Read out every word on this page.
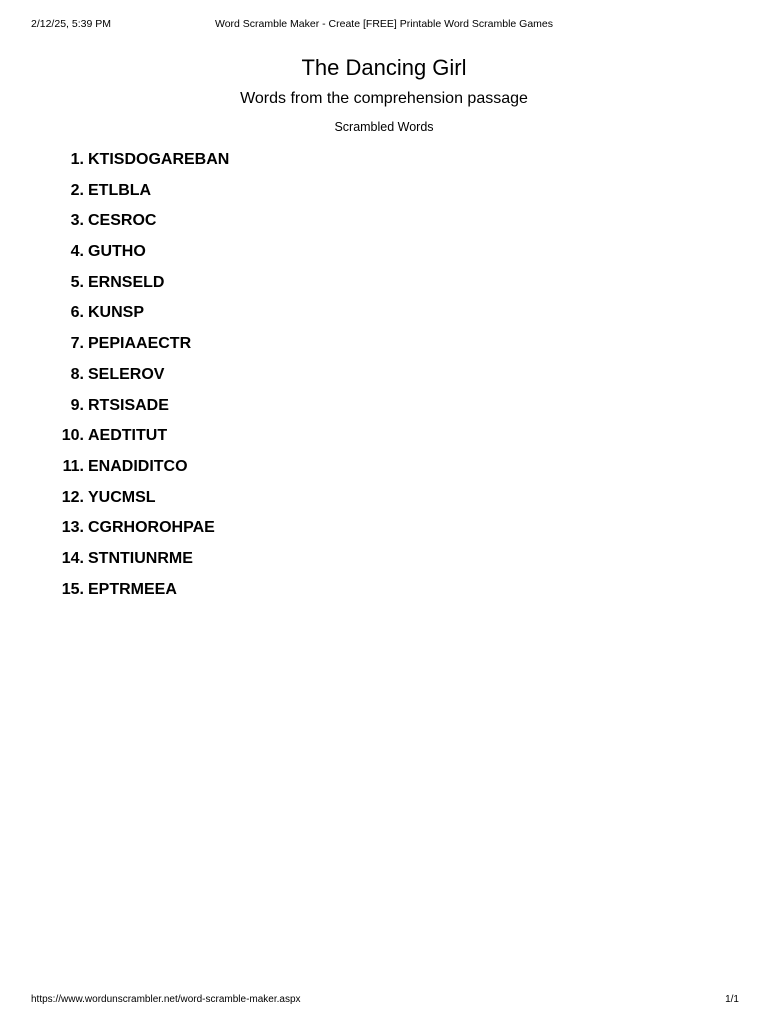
2/12/25, 5:39 PM	Word Scramble Maker - Create [FREE] Printable Word Scramble Games
The Dancing Girl
Words from the comprehension passage
Scrambled Words
1. KTISDOGAREBAN
2. ETLBLA
3. CESROC
4. GUTHO
5. ERNSELD
6. KUNSP
7. PEPIAAECTR
8. SELEROV
9. RTSISADE
10. AEDTITUT
11. ENADIDITCO
12. YUCMSL
13. CGRHOROHPAE
14. STNTIUNRME
15. EPTRMEEA
https://www.wordunscrambler.net/word-scramble-maker.aspx	1/1
